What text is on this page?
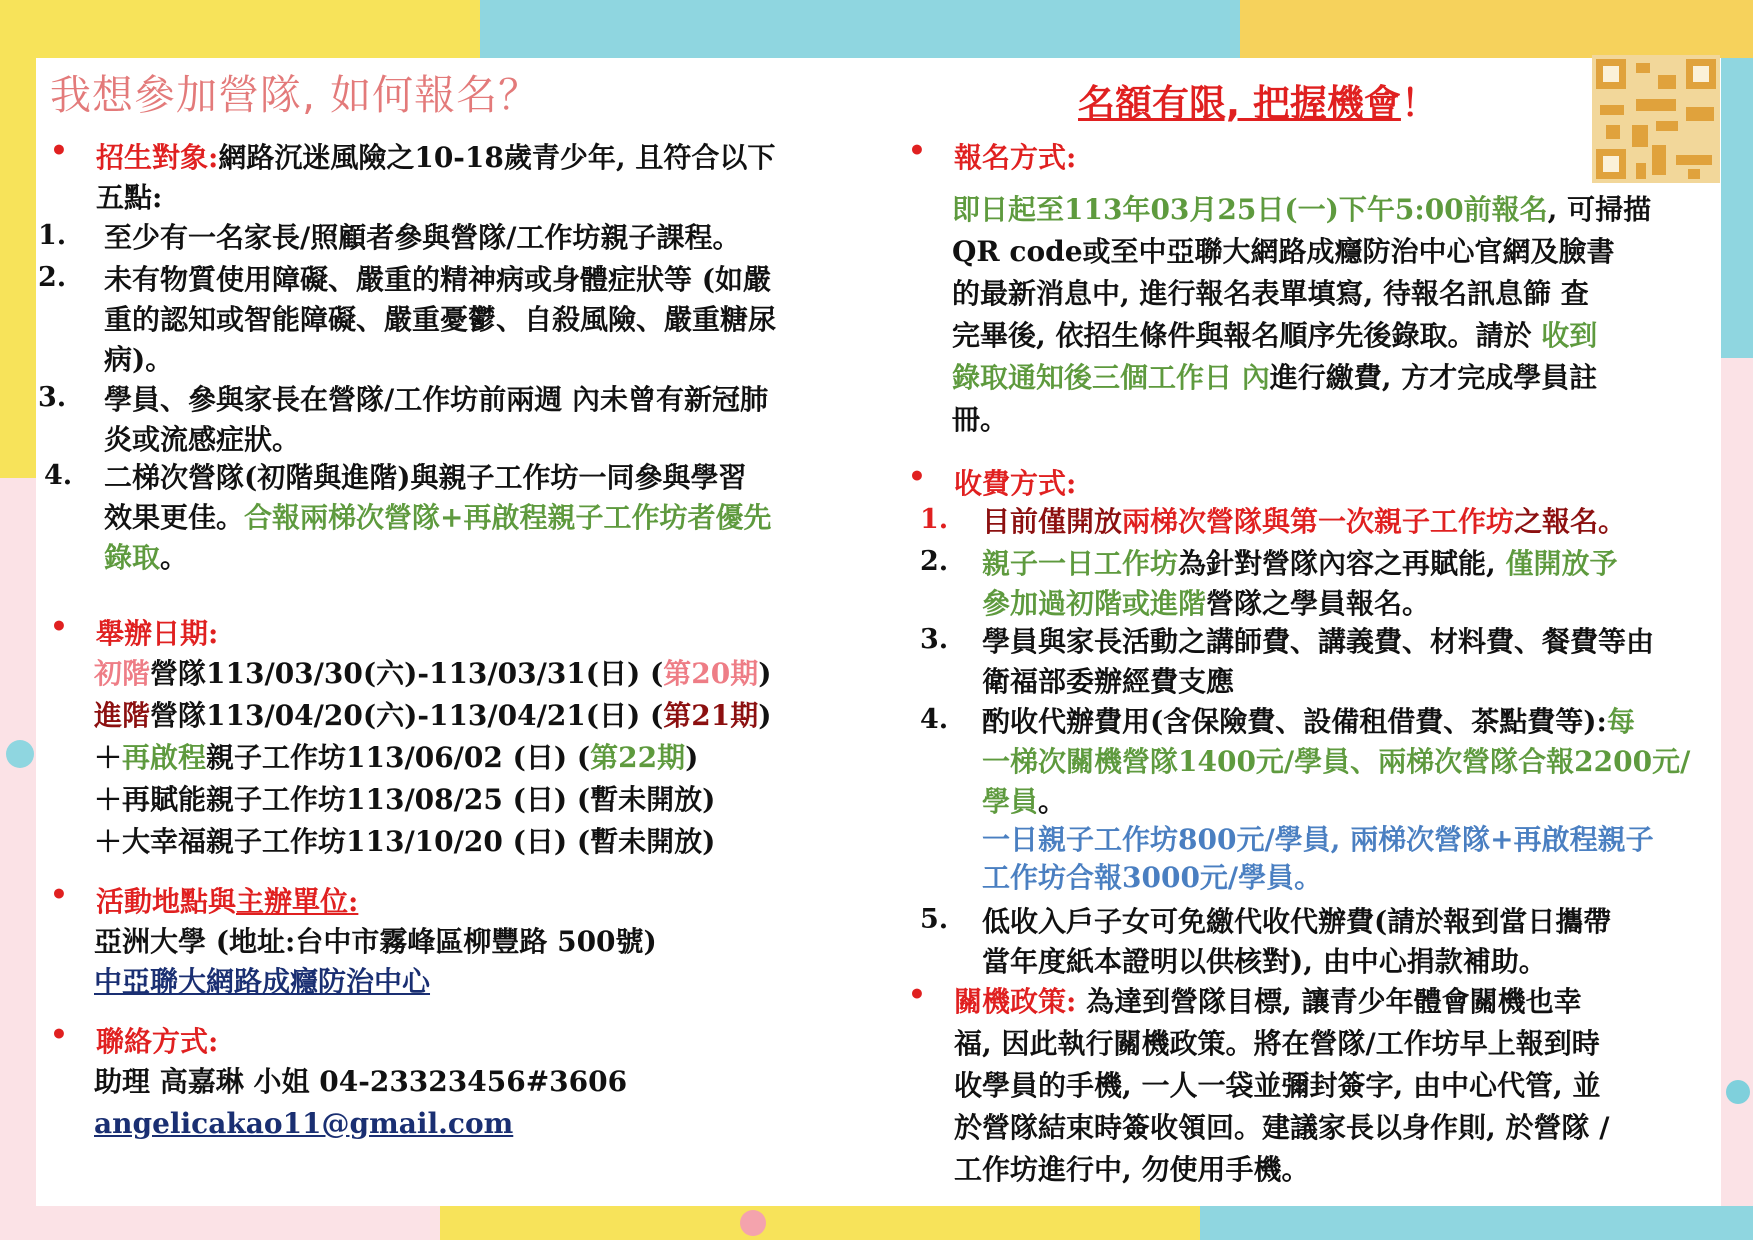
我想參加營隊, 如何報名？	名額有限, 把握機會！
• 招生對象:網路沉迷風險之10-18歲青少年, 且符合以下
五點:
1. 至少有一名家長/照顧者參與營隊/工作坊親子課程。
2. 未有物質使用障礙、嚴重的精神病或身體症狀等 (如嚴
重的認知或智能障礙、嚴重憂鬱、自殺風險、嚴重糖尿
病)。
3. 學員、參與家長在營隊/工作坊前兩週 內未曾有新冠肺
炎或流感症狀。
4. 二梯次營隊(初階與進階)與親子工作坊一同參與學習
效果更佳。合報兩梯次營隊+再啟程親子工作坊者優先
錄取。
• 舉辦日期:
初階營隊113/03/30(六)-113/03/31(日) (第20期)
進階營隊113/04/20(六)-113/04/21(日) (第21期)
＋再啟程親子工作坊113/06/02 (日) (第22期)
＋再賦能親子工作坊113/08/25 (日) (暫未開放)
＋大幸福親子工作坊113/10/20 (日) (暫未開放)
• 活動地點與主辦單位:
亞洲大學 (地址:台中市霧峰區柳豐路 500號)
中亞聯大網路成癮防治中心
• 聯絡方式:
助理 高嘉琳 小姐 04-23323456#3606
angelicakao11@gmail.com
• 報名方式:
即日起至113年03月25日(一)下午5:00前報名, 可掃描
QR code或至中亞聯大網路成癮防治中心官網及臉書
的最新消息中, 進行報名表單填寫, 待報名訊息篩 查
完畢後, 依招生條件與報名順序先後錄取。請於 收到
錄取通知後三個工作日 內進行繳費, 方才完成學員註
冊。
• 收費方式:
1. 目前僅開放兩梯次營隊與第一次親子工作坊之報名。
2. 親子一日工作坊為針對營隊內容之再賦能, 僅開放予
參加過初階或進階營隊之學員報名。
3. 學員與家長活動之講師費、講義費、材料費、餐費等由
衛福部委辦經費支應
4. 酌收代辦費用(含保險費、設備租借費、茶點費等):每
一梯次關機營隊1400元/學員、兩梯次營隊合報2200元/
學員。
一日親子工作坊800元/學員, 兩梯次營隊+再啟程親子
工作坊合報3000元/學員。
5. 低收入戶子女可免繳代收代辦費(請於報到當日攜帶
當年度紙本證明以供核對), 由中心捐款補助。
• 關機政策: 為達到營隊目標, 讓青少年體會關機也幸
福, 因此執行關機政策。將在營隊/工作坊早上報到時
收學員的手機, 一人一袋並彌封簽字, 由中心代管, 並
於營隊結束時簽收領回。建議家長以身作則, 於營隊 /
工作坊進行中, 勿使用手機。
